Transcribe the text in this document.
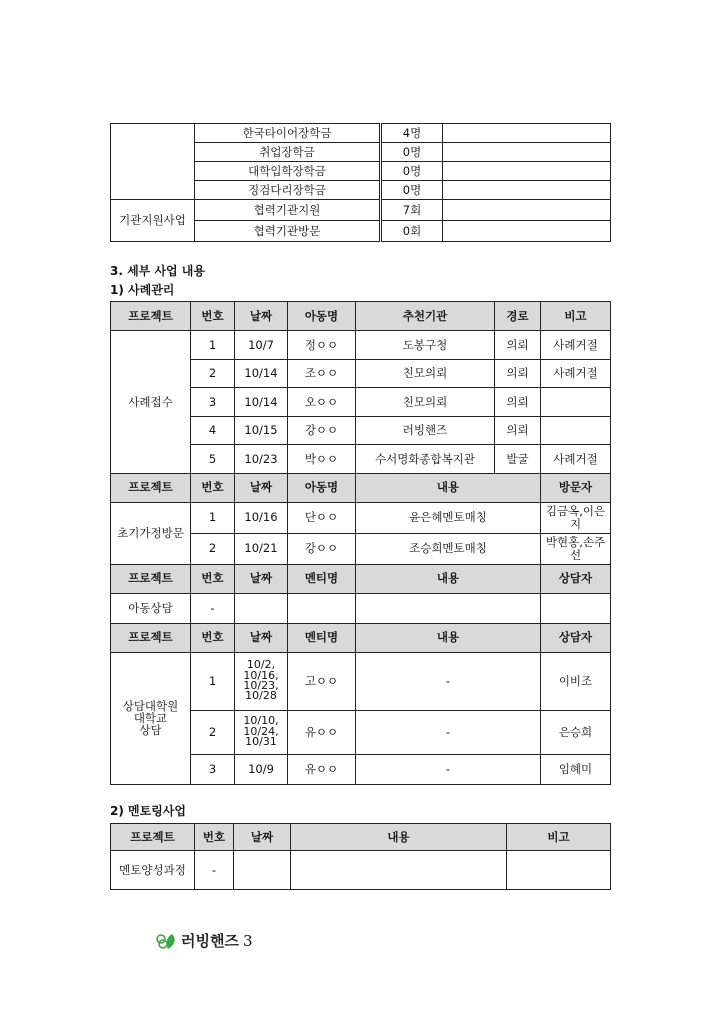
	한국타이어장학금	4명	
	취업장학금	0명	
	대학입학장학금	0명	
	징검다리장학금	0명	
기관지원사업	협력기관지원	7회	
	협력기관방문	0회	
3. 세부 사업 내용
1) 사례관리
프로젝트	번호	날짜	아동명	추천기관	경로	비고
사례접수	1	10/7	정ㅇㅇ	도봉구청	의뢰	사례거절
	2	10/14	조ㅇㅇ	친모의뢰	의뢰	사례거절
	3	10/14	오ㅇㅇ	친모의뢰	의뢰	
	4	10/15	강ㅇㅇ	러빙핸즈	의뢰	
	5	10/23	박ㅇㅇ	수서명화종합복지관	발굴	사례거절
프로젝트	번호	날짜	아동명	내용		방문자
초기가정방문	1	10/16	단ㅇㅇ	윤은혜멘토매칭		김금옥,이은지
	2	10/21	강ㅇㅇ	조승희멘토매칭		박현홍,손주선
프로젝트	번호	날짜	멘티명	내용		상담자
아동상담	-					
프로젝트	번호	날짜	멘티명	내용		상담자
상담대학원
대학교
상담	1	10/2,
10/16,
10/23,
10/28	고ㅇㅇ	-		이비조
	2	10/10,
10/24,
10/31	유ㅇㅇ	-		은승희
	3	10/9	유ㅇㅇ	-		임혜미
2) 멘토링사업
프로젝트	번호	날짜	내용	비고
멘토양성과정	-			
러빙핸즈 3
